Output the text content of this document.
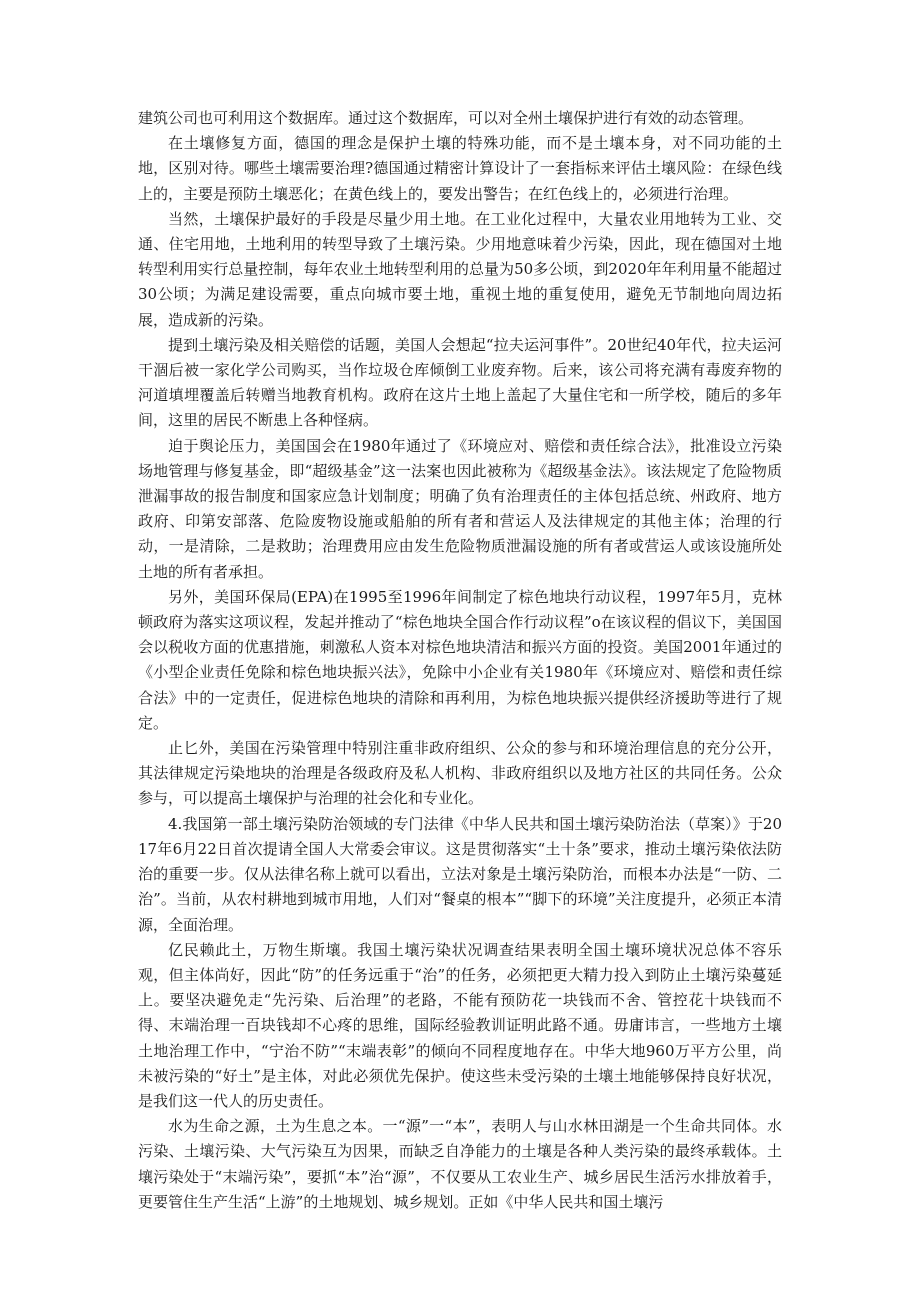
建筑公司也可利用这个数据库。通过这个数据库，可以对全州土壤保护进行有效的动态管理。

在土壤修复方面，德国的理念是保护土壤的特殊功能，而不是土壤本身，对不同功能的土地，区别对待。哪些土壤需要治理?德国通过精密计算设计了一套指标来评估土壤风险：在绿色线上的，主要是预防土壤恶化；在黄色线上的，要发出警告；在红色线上的，必须进行治理。

当然，土壤保护最好的手段是尽量少用土地。在工业化过程中，大量农业用地转为工业、交通、住宅用地，土地利用的转型导致了土壤污染。少用地意味着少污染，因此，现在德国对土地转型利用实行总量控制，每年农业土地转型利用的总量为50多公顷，到2020年年利用量不能超过30公顷；为满足建设需要，重点向城市要土地，重视土地的重复使用，避免无节制地向周边拓展，造成新的污染。

提到土壤污染及相关赔偿的话题，美国人会想起“拉夫运河事件”。20世纪40年代，拉夫运河干涸后被一家化学公司购买，当作垃圾仓库倾倒工业废弃物。后来，该公司将充满有毒废弃物的河道填埋覆盖后转赠当地教育机构。政府在这片土地上盖起了大量住宅和一所学校，随后的多年间，这里的居民不断患上各种怪病。

迫于舆论压力，美国国会在1980年通过了《环境应对、赔偿和责任综合法》，批准设立污染场地管理与修复基金，即“超级基金”这一法案也因此被称为《超级基金法》。该法规定了危险物质泄漏事故的报告制度和国家应急计划制度；明确了负有治理责任的主体包括总统、州政府、地方政府、印第安部落、危险废物设施或船舶的所有者和营运人及法律规定的其他主体；治理的行动，一是清除，二是救助；治理费用应由发生危险物质泄漏设施的所有者或营运人或该设施所处土地的所有者承担。

另外，美国环保局(EPA)在1995至1996年间制定了棕色地块行动议程，1997年5月，克林顿政府为落实这项议程，发起并推动了“棕色地块全国合作行动议程”o在该议程的倡议下，美国国会以税收方面的优惠措施，刺激私人资本对棕色地块清洁和振兴方面的投资。美国2001年通过的《小型企业责任免除和棕色地块振兴法》，免除中小企业有关1980年《环境应对、赔偿和责任综合法》中的一定责任，促进棕色地块的清除和再利用，为棕色地块振兴提供经济援助等进行了规定。

止匕外，美国在污染管理中特别注重非政府组织、公众的参与和环境治理信息的充分公开，其法律规定污染地块的治理是各级政府及私人机构、非政府组织以及地方社区的共同任务。公众参与，可以提高土壤保护与治理的社会化和专业化。

4.我国第一部土壤污染防治领域的专门法律《中华人民共和国土壤污染防治法（草案）》于2017年6月22日首次提请全国人大常委会审议。这是贯彻落实“土十条”要求，推动土壤污染依法防治的重要一步。仅从法律名称上就可以看出，立法对象是土壤污染防治，而根本办法是“一防、二治”。当前，从农村耕地到城市用地，人们对“餐桌的根本”“脚下的环境”关注度提升，必须正本清源，全面治理。

亿民赖此土，万物生斯壤。我国土壤污染状况调查结果表明全国土壤环境状况总体不容乐观，但主体尚好，因此“防”的任务远重于“治”的任务，必须把更大精力投入到防止土壤污染蔓延上。要坚决避免走“先污染、后治理”的老路，不能有预防花一块钱而不舍、管控花十块钱而不得、末端治理一百块钱却不心疼的思维，国际经验教训证明此路不通。毋庸讳言，一些地方土壤土地治理工作中，“宁治不防”“末端表彰”的倾向不同程度地存在。中华大地960万平方公里，尚未被污染的“好土”是主体，对此必须优先保护。使这些未受污染的土壤土地能够保持良好状况，是我们这一代人的历史责任。

水为生命之源，土为生息之本。一“源”一“本”，表明人与山水林田湖是一个生命共同体。水污染、土壤污染、大气污染互为因果，而缺乏自净能力的土壤是各种人类污染的最终承载体。土壤污染处于“末端污染”，要抓“本”治“源”，不仅要从工农业生产、城乡居民生活污水排放着手，更要管住生产生活“上游”的土地规划、城乡规划。正如《中华人民共和国土壤污
